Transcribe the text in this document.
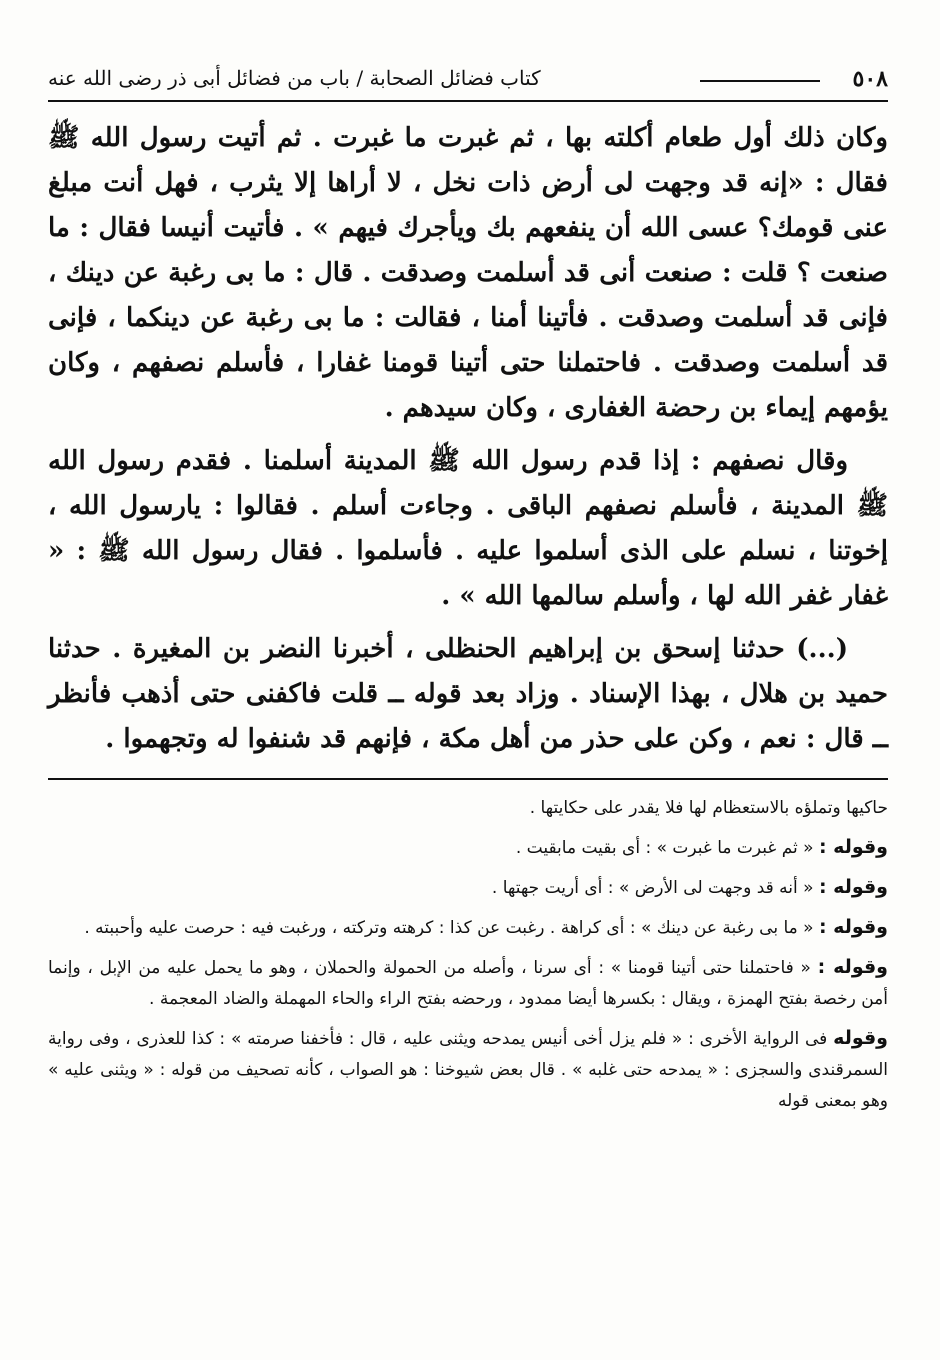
٥٠٨
كتاب فضائل الصحابة / باب من فضائل أبى ذر رضى الله عنه

وكان ذلك أول طعام أكلته بها ، ثم غبرت ما غبرت . ثم أتيت رسول الله ﷺ فقال : «إنه قد وجهت لى أرض ذات نخل ، لا أراها إلا يثرب ، فهل أنت مبلغ عنى قومك؟ عسى الله أن ينفعهم بك ويأجرك فيهم » . فأتيت أنيسا فقال : ما صنعت ؟ قلت : صنعت أنى قد أسلمت وصدقت . قال : ما بى رغبة عن دينك ، فإنى قد أسلمت وصدقت . فأتينا أمنا ، فقالت : ما بى رغبة عن دينكما ، فإنى قد أسلمت وصدقت . فاحتملنا حتى أتينا قومنا غفارا ، فأسلم نصفهم ، وكان يؤمهم إيماء بن رحضة الغفارى ، وكان سيدهم .

وقال نصفهم : إذا قدم رسول الله ﷺ المدينة أسلمنا . فقدم رسول الله ﷺ المدينة ، فأسلم نصفهم الباقى . وجاءت أسلم . فقالوا : يارسول الله ، إخوتنا ، نسلم على الذى أسلموا عليه . فأسلموا . فقال رسول الله ﷺ : « غفار غفر الله لها ، وأسلم سالمها الله » .

(...) حدثنا إسحق بن إبراهيم الحنظلى ، أخبرنا النضر بن المغيرة . حدثنا حميد بن هلال ، بهذا الإسناد . وزاد بعد قوله ــ قلت فاكفنى حتى أذهب فأنظر ــ قال : نعم ، وكن على حذر من أهل مكة ، فإنهم قد شنفوا له وتجهموا .

حاكيها وتملؤه بالاستعظام لها فلا يقدر على حكايتها .

وقوله : « ثم غبرت ما غبرت » : أى بقيت مابقيت .

وقوله : « أنه قد وجهت لى الأرض » : أى أريت جهتها .

وقوله : « ما بى رغبة عن دينك » : أى كراهة . رغبت عن كذا : كرهته وتركته ، ورغبت فيه : حرصت عليه وأحببته .

وقوله : « فاحتملنا حتى أتينا قومنا » : أى سرنا ، وأصله من الحمولة والحملان ، وهو ما يحمل عليه من الإبل ، وإنما أمن رخصة بفتح الهمزة ، ويقال : بكسرها أيضا ممدود ، ورحضه بفتح الراء والحاء المهملة والضاد المعجمة .

وقوله فى الرواية الأخرى : « فلم يزل أخى أنيس يمدحه ويثنى عليه ، قال : فأخفنا صرمته » : كذا للعذرى ، وفى رواية السمرقندى والسجزى : « يمدحه حتى غلبه » . قال بعض شيوخنا : هو الصواب ، كأنه تصحيف من قوله : « ويثنى عليه » وهو بمعنى قوله
